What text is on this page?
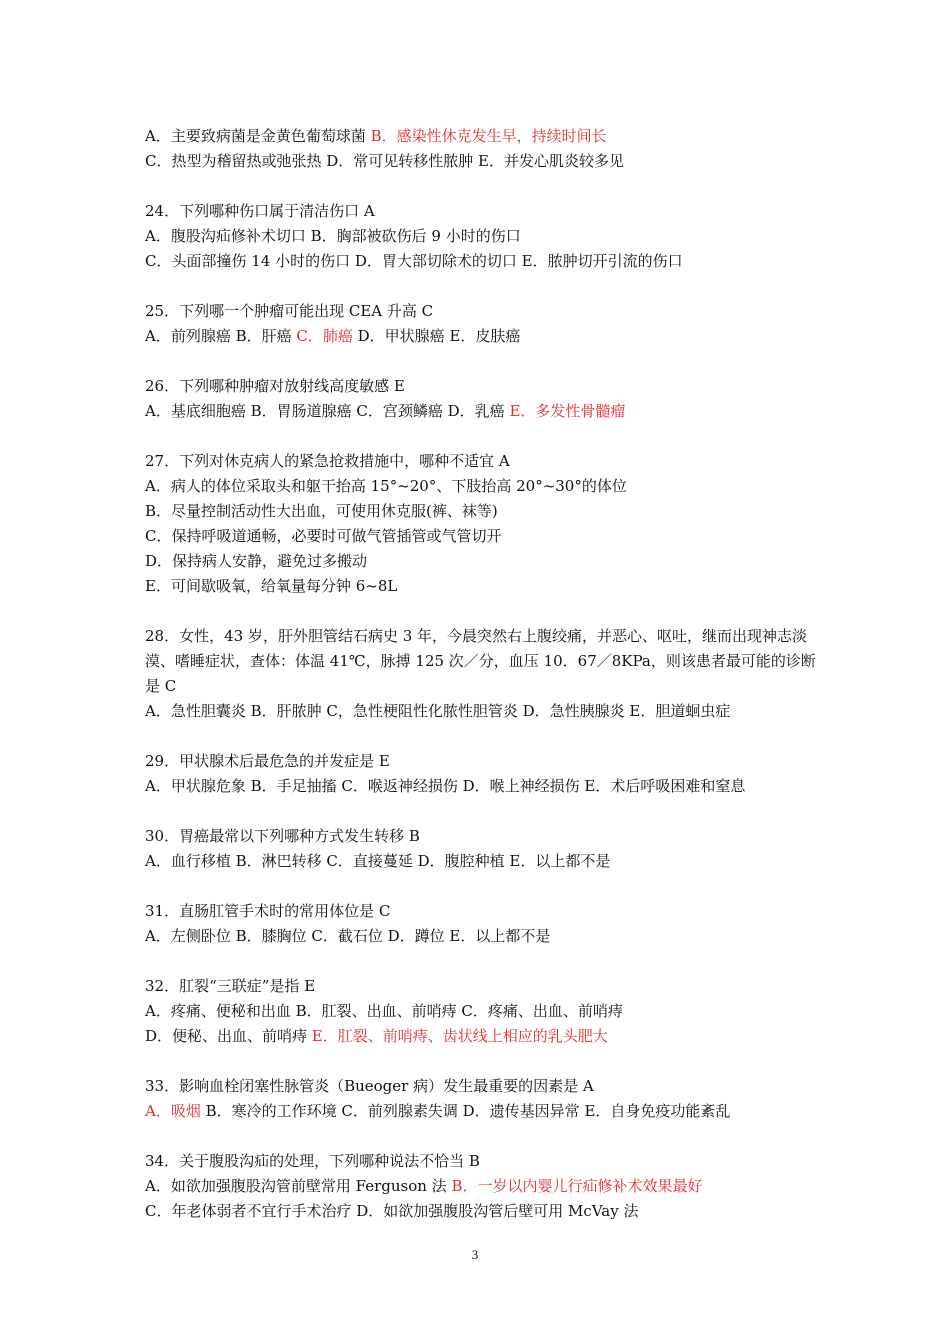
A．主要致病菌是金黄色葡萄球菌 B．感染性休克发生早，持续时间长
C．热型为稽留热或弛张热 D．常可见转移性脓肿 E．并发心肌炎较多见
24．下列哪种伤口属于清洁伤口 A
A．腹股沟疝修补术切口 B．胸部被砍伤后 9 小时的伤口
C．头面部撞伤 14 小时的伤口 D．胃大部切除术的切口 E．脓肿切开引流的伤口
25．下列哪一个肿瘤可能出现 CEA 升高 C
A．前列腺癌 B．肝癌 C．肺癌 D．甲状腺癌 E．皮肤癌
26．下列哪种肿瘤对放射线高度敏感 E
A．基底细胞癌 B．胃肠道腺癌 C．宫颈鳞癌 D．乳癌 E．多发性骨髓瘤
27．下列对休克病人的紧急抢救措施中，哪种不适宜 A
A．病人的体位采取头和躯干抬高 15°~20°、下肢抬高 20°~30°的体位
B．尽量控制活动性大出血，可使用休克服(裤、袜等)
C．保持呼吸道通畅，必要时可做气管插管或气管切开
D．保持病人安静，避免过多搬动
E．可间歇吸氧，给氧量每分钟 6~8L
28．女性，43 岁，肝外胆管结石病史 3 年，今晨突然右上腹绞痛，并恶心、呕吐，继而出现神志淡漠、嗜睡症状，查体：体温 41℃，脉搏 125 次／分，血压 10．67／8KPa，则该患者最可能的诊断是 C
A．急性胆囊炎 B．肝脓肿 C，急性梗阻性化脓性胆管炎 D．急性胰腺炎 E．胆道蛔虫症
29．甲状腺术后最危急的并发症是 E
A．甲状腺危象 B．手足抽搐 C．喉返神经损伤 D．喉上神经损伤 E．术后呼吸困难和窒息
30．胃癌最常以下列哪种方式发生转移 B
A．血行移植 B．淋巴转移 C．直接蔓延 D．腹腔种植 E．以上都不是
31．直肠肛管手术时的常用体位是 C
A．左侧卧位 B．膝胸位 C．截石位 D．蹲位 E．以上都不是
32．肛裂“三联症”是指 E
A．疼痛、便秘和出血 B．肛裂、出血、前哨痔 C．疼痛、出血、前哨痔
D．便秘、出血、前哨痔 E．肛裂、前哨痔、齿状线上相应的乳头肥大
33．影响血栓闭塞性脉管炎（Bueoger 病）发生最重要的因素是 A
A．吸烟 B．寒冷的工作环境 C．前列腺素失调 D．遗传基因异常 E．自身免疫功能紊乱
34．关于腹股沟疝的处理，下列哪种说法不恰当 B
A．如欲加强腹股沟管前壁常用 Ferguson 法 B．一岁以内婴儿行疝修补术效果最好
C．年老体弱者不宜行手术治疗 D．如欲加强腹股沟管后壁可用 McVay 法
3
